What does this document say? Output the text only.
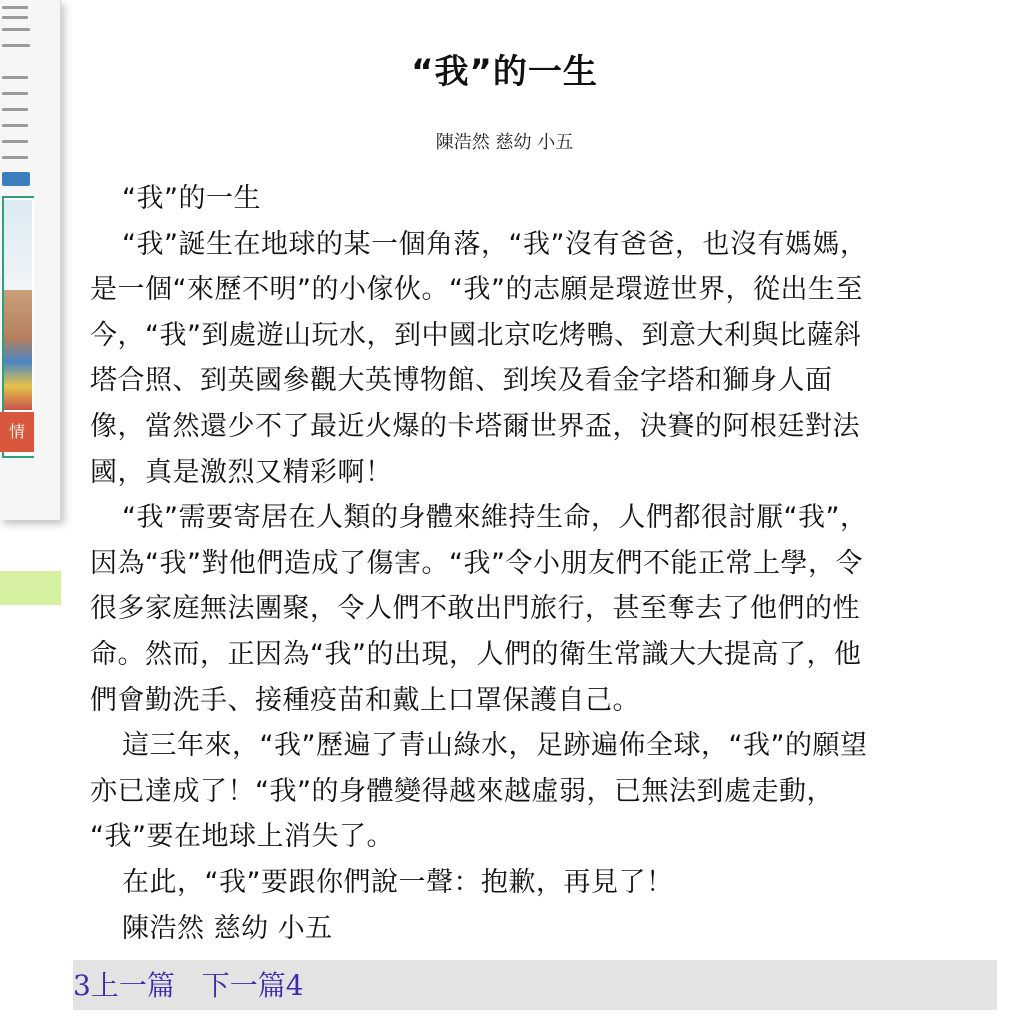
情
“我”的一生
陳浩然 慈幼 小五

“我”的一生

“我”誕生在地球的某一個角落，“我”沒有爸爸，也沒有媽媽，

是一個“來歷不明”的小傢伙。“我”的志願是環遊世界，從出生至

今，“我”到處遊山玩水，到中國北京吃烤鴨、到意大利與比薩斜

塔合照、到英國參觀大英博物館、到埃及看金字塔和獅身人面

像，當然還少不了最近火爆的卡塔爾世界盃，決賽的阿根廷對法

國，真是激烈又精彩啊！

“我”需要寄居在人類的身體來維持生命，人們都很討厭“我”，

因為“我”對他們造成了傷害。“我”令小朋友們不能正常上學，令

很多家庭無法團聚，令人們不敢出門旅行，甚至奪去了他們的性

命。然而，正因為“我”的出現，人們的衛生常識大大提高了，他

們會勤洗手、接種疫苗和戴上口罩保護自己。

這三年來，“我”歷遍了青山綠水，足跡遍佈全球，“我”的願望

亦已達成了！“我”的身體變得越來越虛弱，已無法到處走動，

“我”要在地球上消失了。

在此，“我”要跟你們說一聲：抱歉，再見了！

陳浩然 慈幼 小五

3上一篇 下一篇4
